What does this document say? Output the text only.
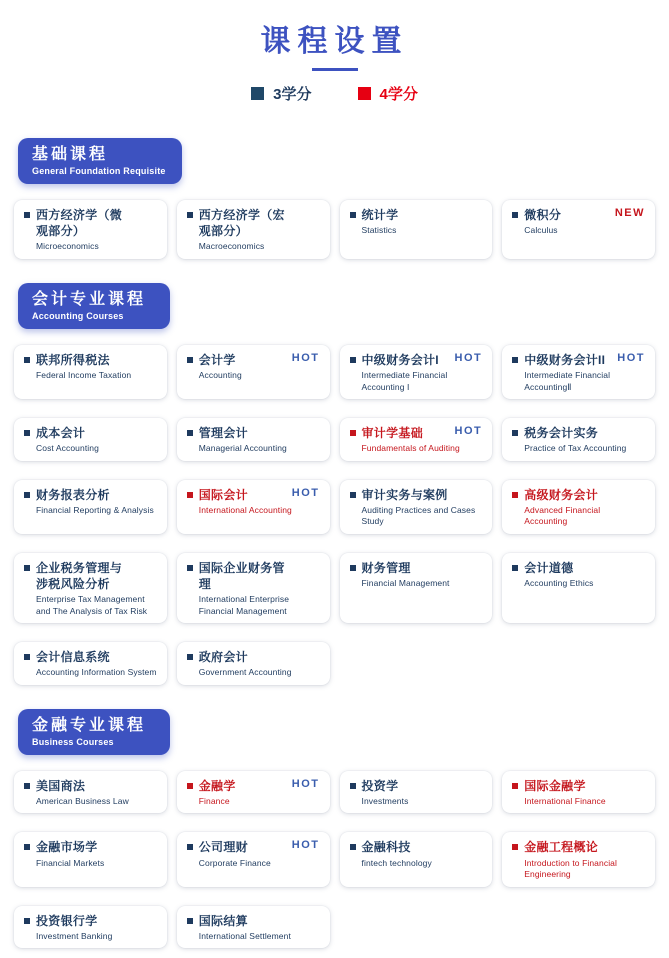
课程设置
3学分	4学分
基础课程
General Foundation Requisite
西方经济学（微观部分）
Microeconomics
西方经济学（宏观部分）
Macroeconomics
统计学
Statistics
微积分
Calculus
NEW
会计专业课程
Accounting Courses
联邦所得税法
Federal Income Taxation
会计学
Accounting
HOT	中级财务会计I
Intermediate Financial Accounting I
HOT	中级财务会计II
Intermediate Financial AccountingⅡ
HOT
成本会计
Cost Accounting
管理会计
Managerial Accounting
审计学基础
Fundamentals of Auditing
HOT	税务会计实务
Practice of Tax Accounting
财务报表分析
Financial Reporting & Analysis
国际会计
International Accounting
HOT	审计实务与案例
Auditing Practices and Cases Study
高级财务会计
Advanced Financial Accounting
企业税务管理与涉税风险分析
Enterprise Tax Management and The Analysis of Tax Risk
国际企业财务管理
International Enterprise Financial Management
财务管理
Financial Management
会计道德
Accounting Ethics
会计信息系统
Accounting Information System
政府会计
Government Accounting
金融专业课程
Business Courses
美国商法
American Business Law
金融学
Finance
HOT	投资学
Investments
国际金融学
International Finance
金融市场学
Financial Markets
公司理财
Corporate Finance
HOT	金融科技
fintech technology
金融工程概论
Introduction to Financial Engineering
投资银行学
Investment Banking
国际结算
International Settlement
